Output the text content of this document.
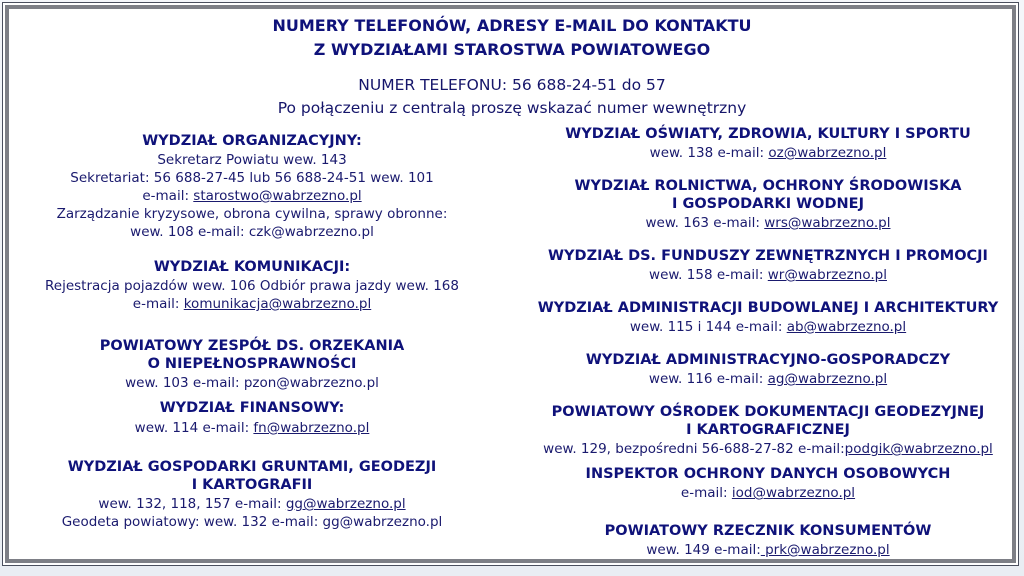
NUMERY TELEFONÓW, ADRESY E-MAIL DO KONTAKTU
Z WYDZIAŁAMI STAROSTWA POWIATOWEGO
NUMER TELEFONU: 56 688-24-51 do 57
Po połączeniu z centralą proszę wskazać numer wewnętrzny
WYDZIAŁ ORGANIZACYJNY:
Sekretarz Powiatu wew. 143
Sekretariat: 56 688-27-45 lub 56 688-24-51 wew. 101
e-mail: starostwo@wabrzezno.pl
Zarządzanie kryzysowe, obrona cywilna, sprawy obronne:
wew. 108 e-mail: czk@wabrzezno.pl
WYDZIAŁ KOMUNIKACJI:
Rejestracja pojazdów wew. 106 Odbiór prawa jazdy wew. 168
e-mail: komunikacja@wabrzezno.pl
POWIATOWY ZESPÓŁ DS. ORZEKANIA
O NIEPEŁNOSPRAWNOŚCI
wew. 103 e-mail: pzon@wabrzezno.pl
WYDZIAŁ FINANSOWY:
wew. 114 e-mail: fn@wabrzezno.pl
WYDZIAŁ GOSPODARKI GRUNTAMI, GEODEZJI
I KARTOGRAFII
wew. 132, 118, 157 e-mail: gg@wabrzezno.pl
Geodeta powiatowy: wew. 132 e-mail: gg@wabrzezno.pl
WYDZIAŁ OŚWIATY, ZDROWIA, KULTURY I SPORTU
wew. 138 e-mail: oz@wabrzezno.pl
WYDZIAŁ ROLNICTWA, OCHRONY ŚRODOWISKA
I GOSPODARKI WODNEJ
wew. 163 e-mail: wrs@wabrzezno.pl
WYDZIAŁ DS. FUNDUSZY ZEWNĘTRZNYCH I PROMOCJI
wew. 158 e-mail: wr@wabrzezno.pl
WYDZIAŁ ADMINISTRACJI BUDOWLANEJ I ARCHITEKTURY
wew. 115 i 144 e-mail: ab@wabrzezno.pl
WYDZIAŁ ADMINISTRACYJNO-GOSPORADCZY
wew. 116 e-mail: ag@wabrzezno.pl
POWIATOWY OŚRODEK DOKUMENTACJI GEODEZYJNEJ
I KARTOGRAFICZNEJ
wew. 129, bezpośredni 56-688-27-82 e-mail:podgik@wabrzezno.pl
INSPEKTOR OCHRONY DANYCH OSOBOWYCH
e-mail: iod@wabrzezno.pl
POWIATOWY RZECZNIK KONSUMENTÓW
wew. 149 e-mail: prk@wabrzezno.pl
